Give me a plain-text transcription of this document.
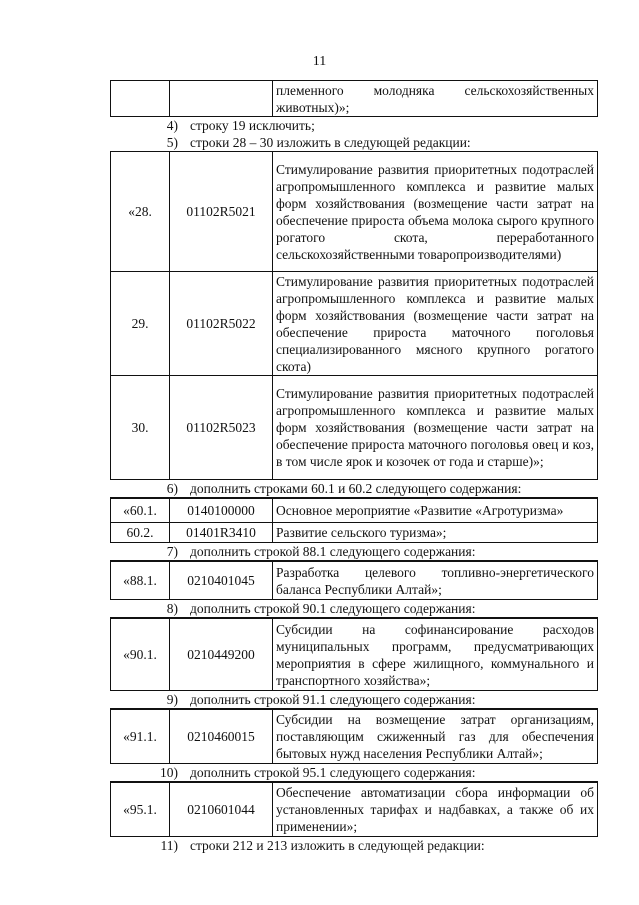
11
		племенного молодняка сельскохозяйственных животных)»;
4) строку 19 исключить;
5) строки 28 – 30 изложить в следующей редакции:
«28.	01102R5021	Стимулирование развития приоритетных подотраслей агропромышленного комплекса и развитие малых форм хозяйствования (возмещение части затрат на обеспечение прироста объема молока сырого крупного рогатого скота, переработанного сельскохозяйственными товаропроизводителями)
29.	01102R5022	Стимулирование развития приоритетных подотраслей агропромышленного комплекса и развитие малых форм хозяйствования (возмещение части затрат на обеспечение прироста маточного поголовья специализированного мясного крупного рогатого скота)
30.	01102R5023	Стимулирование развития приоритетных подотраслей агропромышленного комплекса и развитие малых форм хозяйствования (возмещение части затрат на обеспечение прироста маточного поголовья овец и коз, в том числе ярок и козочек от года и старше)»;
6) дополнить строками 60.1 и 60.2 следующего содержания:
«60.1.	0140100000	Основное мероприятие «Развитие «Агротуризма»
60.2.	01401R3410	Развитие сельского туризма»;
7) дополнить строкой 88.1 следующего содержания:
«88.1.	0210401045	Разработка целевого топливно-энергетического баланса Республики Алтай»;
8) дополнить строкой 90.1 следующего содержания:
«90.1.	0210449200	Субсидии на софинансирование расходов муниципальных программ, предусматривающих мероприятия в сфере жилищного, коммунального и транспортного хозяйства»;
9) дополнить строкой 91.1 следующего содержания:
«91.1.	0210460015	Субсидии на возмещение затрат организациям, поставляющим сжиженный газ для обеспечения бытовых нужд населения Республики Алтай»;
10) дополнить строкой 95.1 следующего содержания:
«95.1.	0210601044	Обеспечение автоматизации сбора информации об установленных тарифах и надбавках, а также об их применении»;
11) строки 212 и 213 изложить в следующей редакции:
